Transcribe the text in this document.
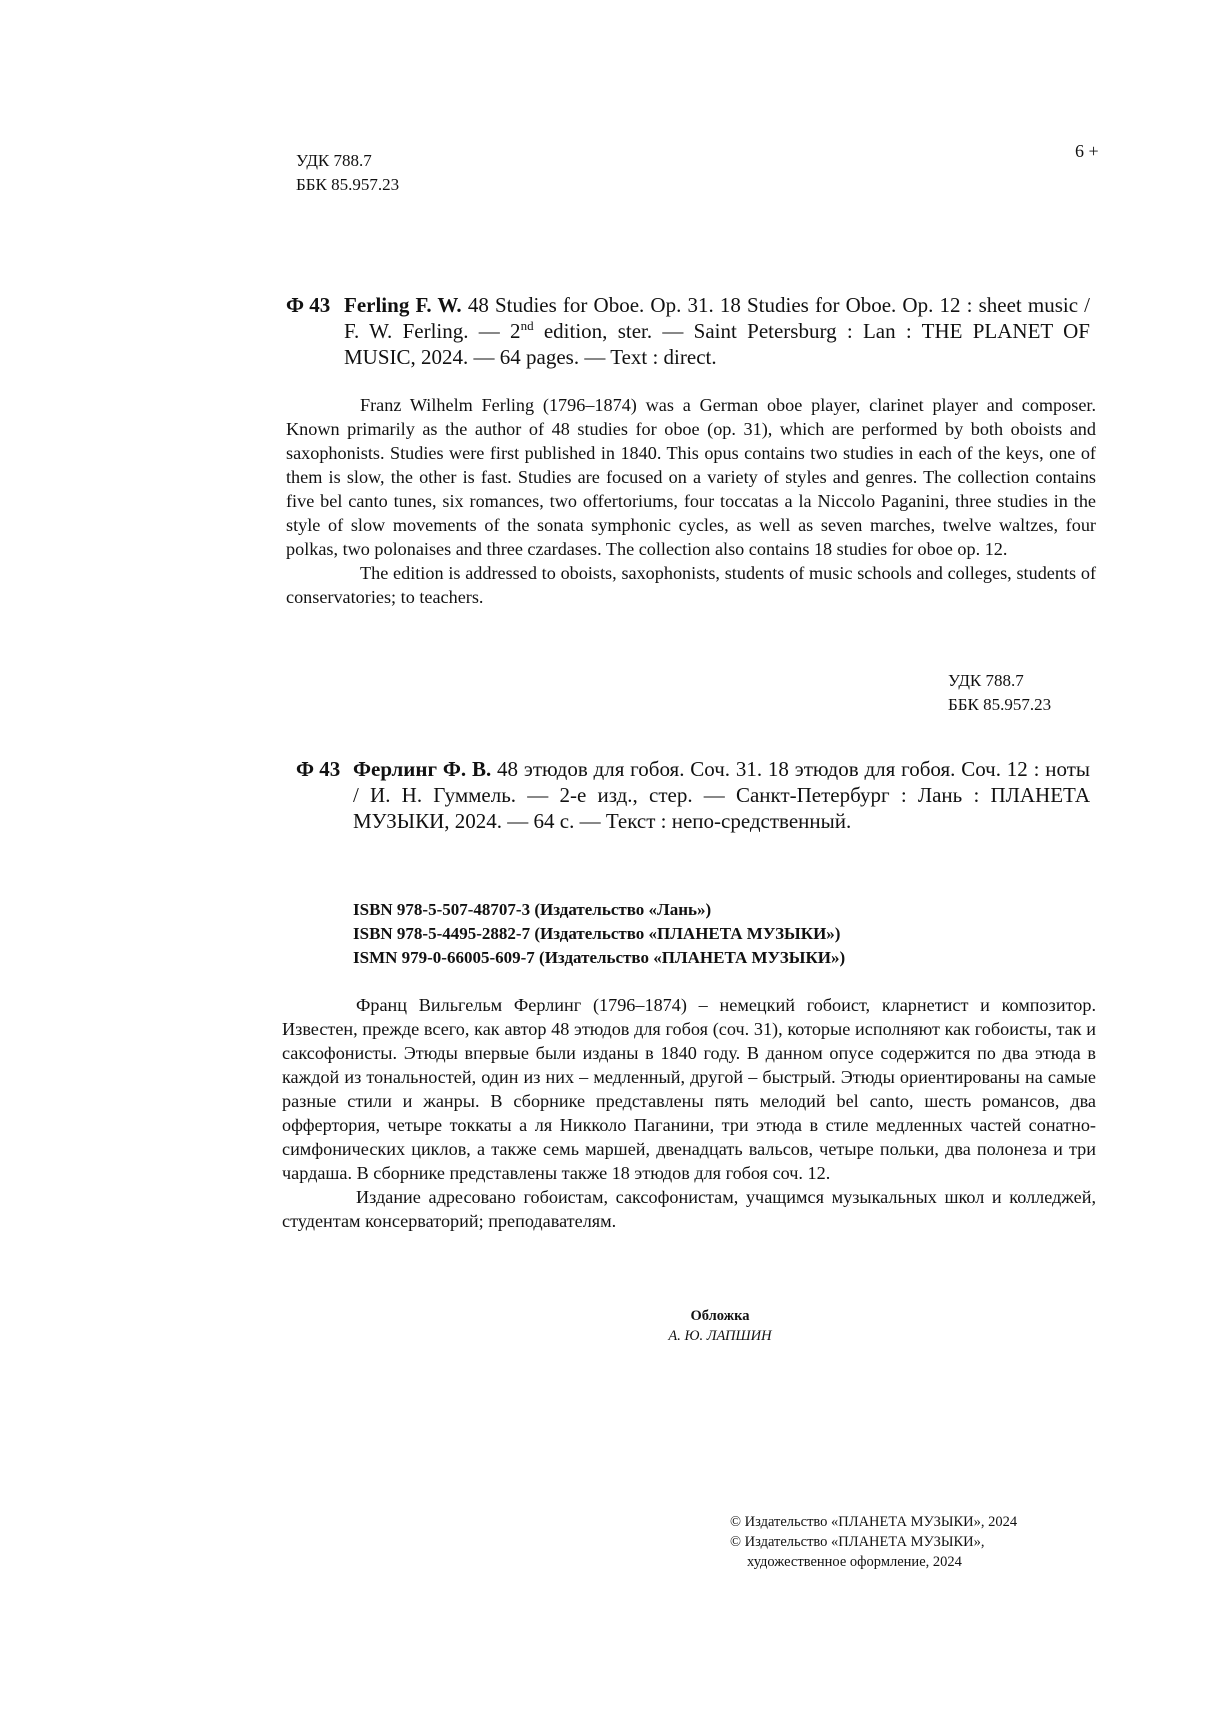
УДК 788.7
ББК 85.957.23
6 +
Ф 43 Ferling F. W. 48 Studies for Oboe. Op. 31. 18 Studies for Oboe. Op. 12 : sheet music / F. W. Ferling. — 2nd edition, ster. — Saint Petersburg : Lan : THE PLANET OF MUSIC, 2024. — 64 pages. — Text : direct.

Franz Wilhelm Ferling (1796–1874) was a German oboe player, clarinet player and composer. Known primarily as the author of 48 studies for oboe (op. 31), which are performed by both oboists and saxophonists. Studies were first published in 1840. This opus contains two studies in each of the keys, one of them is slow, the other is fast. Studies are focused on a variety of styles and genres. The collection contains five bel canto tunes, six romances, two offertoriums, four toccatas a la Niccolo Paganini, three studies in the style of slow movements of the sonata symphonic cycles, as well as seven marches, twelve waltzes, four polkas, two polonaises and three czardases. The collection also contains 18 studies for oboe op. 12.

The edition is addressed to oboists, saxophonists, students of music schools and colleges, students of conservatories; to teachers.

УДК 788.7
ББК 85.957.23
Ф 43 Ферлинг Ф. В. 48 этюдов для гобоя. Соч. 31. 18 этюдов для гобоя. Соч. 12 : ноты / И. Н. Гуммель. — 2-е изд., стер. — Санкт-Петербург : Лань : ПЛАНЕТА МУЗЫКИ, 2024. — 64 с. — Текст : непо-средственный.
ISBN 978-5-507-48707-3 (Издательство «Лань»)
ISBN 978-5-4495-2882-7 (Издательство «ПЛАНЕТА МУЗЫКИ»)
ISMN 979-0-66005-609-7 (Издательство «ПЛАНЕТА МУЗЫКИ»)

Франц Вильгельм Ферлинг (1796–1874) – немецкий гобоист, кларнетист и композитор. Известен, прежде всего, как автор 48 этюдов для гобоя (соч. 31), которые исполняют как гобоисты, так и саксофонисты. Этюды впервые были изданы в 1840 году. В данном опусе содержится по два этюда в каждой из тональностей, один из них – медленный, другой – быстрый. Этюды ориентированы на самые разные стили и жанры. В сборнике представлены пять мелодий bel canto, шесть романсов, два оффертория, четыре токкаты а ля Никколо Паганини, три этюда в стиле медленных частей сонатно-симфонических циклов, а также семь маршей, двенадцать вальсов, четыре польки, два полонеза и три чардаша. В сборнике представлены также 18 этюдов для гобоя соч. 12.

Издание адресовано гобоистам, саксофонистам, учащимся музыкальных школ и колледжей, студентам консерваторий; преподавателям.

Обложка
А. Ю. ЛАПШИН
© Издательство «ПЛАНЕТА МУЗЫКИ», 2024
© Издательство «ПЛАНЕТА МУЗЫКИ»,
художественное оформление, 2024
